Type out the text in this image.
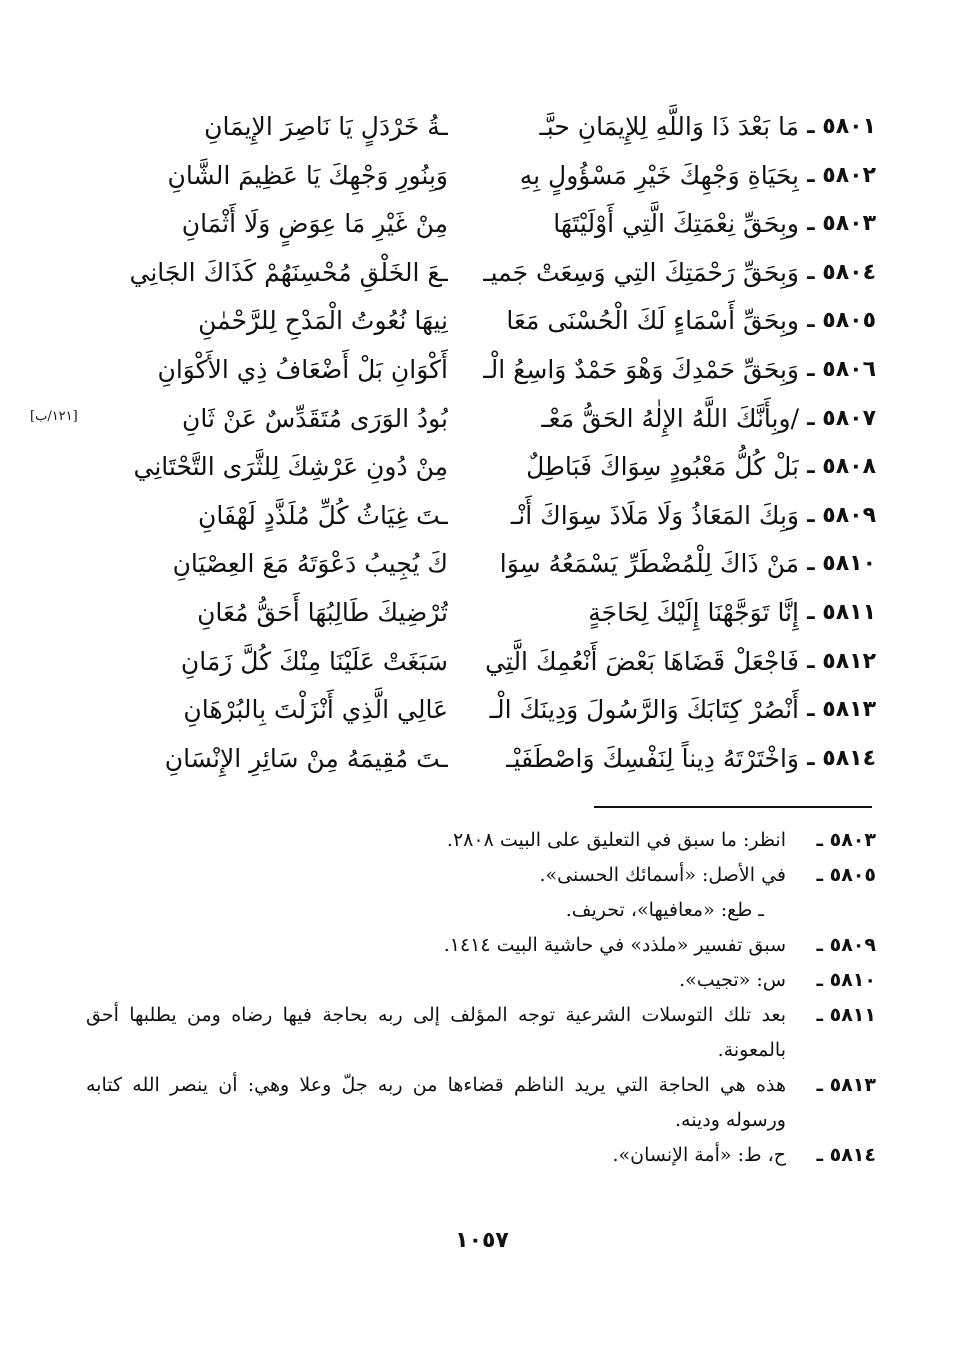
٥٨٠١ ـ
مَا بَعْدَ ذَا وَاللَّهِ لِلإِيمَانِ حبَّـ
ـةُ خَرْدَلٍ يَا نَاصِرَ الإِيمَانِ
٥٨٠٢ ـ
بِحَيَاةِ وَجْهِكَ خَيْرِ مَسْؤُولٍ بِهِ
وَبِنُورِ وَجْهِكَ يَا عَظِيمَ الشَّانِ
٥٨٠٣ ـ
وبِحَقِّ نِعْمَتِكَ الَّتِي أَوْلَيْتَهَا
مِنْ غَيْرِ مَا عِوَضٍ وَلَا أَثْمَانِ
٥٨٠٤ ـ
وَبِحَقِّ رَحْمَتِكَ التِي وَسِعَتْ جَميـ
ـعَ الخَلْقِ مُحْسِنَهُمْ كَذَاكَ الجَانِي
٥٨٠٥ ـ
وبِحَقِّ أَسْمَاءٍ لَكَ الْحُسْنَى مَعَا
نِيهَا نُعُوتُ الْمَدْحِ لِلرَّحْمٰنِ
٥٨٠٦ ـ
وَبِحَقِّ حَمْدِكَ وَهْوَ حَمْدٌ وَاسِعُ الْـ
أَكْوَانِ بَلْ أَضْعَافُ ذِي الأَكْوَانِ
٥٨٠٧ ـ
/وبِأَنَّكَ اللَّهُ الإِلٰهُ الحَقُّ مَعْـ
بُودُ الوَرَى مُتَقَدِّسٌ عَنْ ثَانِ
[١٢١/ب]
٥٨٠٨ ـ
بَلْ كُلُّ مَعْبُودٍ سِوَاكَ فَبَاطِلٌ
مِنْ دُونِ عَرْشِكَ لِلثَّرَى التَّحْتَانِي
٥٨٠٩ ـ
وَبِكَ المَعَاذُ وَلَا مَلَاذَ سِوَاكَ أَنْـ
ـتَ غِيَاثُ كُلِّ مُلَذَّدٍ لَهْفَانِ
٥٨١٠ ـ
مَنْ ذَاكَ لِلْمُضْطَرِّ يَسْمَعُهُ سِوَا
كَ يُجِيبُ دَعْوَتَهُ مَعَ العِصْيَانِ
٥٨١١ ـ
إِنَّا تَوَجَّهْنَا إِلَيْكَ لِحَاجَةٍ
تُرْضِيكَ طَالِبُهَا أَحَقُّ مُعَانِ
٥٨١٢ ـ
فَاجْعَلْ قَضَاهَا بَعْضَ أَنْعُمِكَ الَّتِي
سَبَغَتْ عَلَيْنَا مِنْكَ كُلَّ زَمَانِ
٥٨١٣ ـ
أَنْصُرْ كِتَابَكَ وَالرَّسُولَ وَدِينَكَ الْـ
عَالِي الَّذِي أَنْزَلْتَ بِالبُرْهَانِ
٥٨١٤ ـ
وَاخْتَرْتَهُ دِيناً لِنَفْسِكَ وَاصْطَفَيْـ
ـتَ مُقِيمَهُ مِنْ سَائِرِ الإِنْسَانِ
٥٨٠٣ ـ
انظر: ما سبق في التعليق على البيت ٢٨٠٨.
٥٨٠٥ ـ
في الأصل: «أسمائك الحسنى».
ـ طع: «معافيها»، تحريف.
٥٨٠٩ ـ
سبق تفسير «ملذد» في حاشية البيت ١٤١٤.
٥٨١٠ ـ
س: «تجيب».
٥٨١١ ـ
بعد تلك التوسلات الشرعية توجه المؤلف إلى ربه بحاجة فيها رضاه ومن يطلبها أحق بالمعونة.
٥٨١٣ ـ
هذه هي الحاجة التي يريد الناظم قضاءها من ربه جلّ وعلا وهي: أن ينصر الله كتابه ورسوله ودينه.
٥٨١٤ ـ
ح، ط: «أمة الإنسان».
١٠٥٧
